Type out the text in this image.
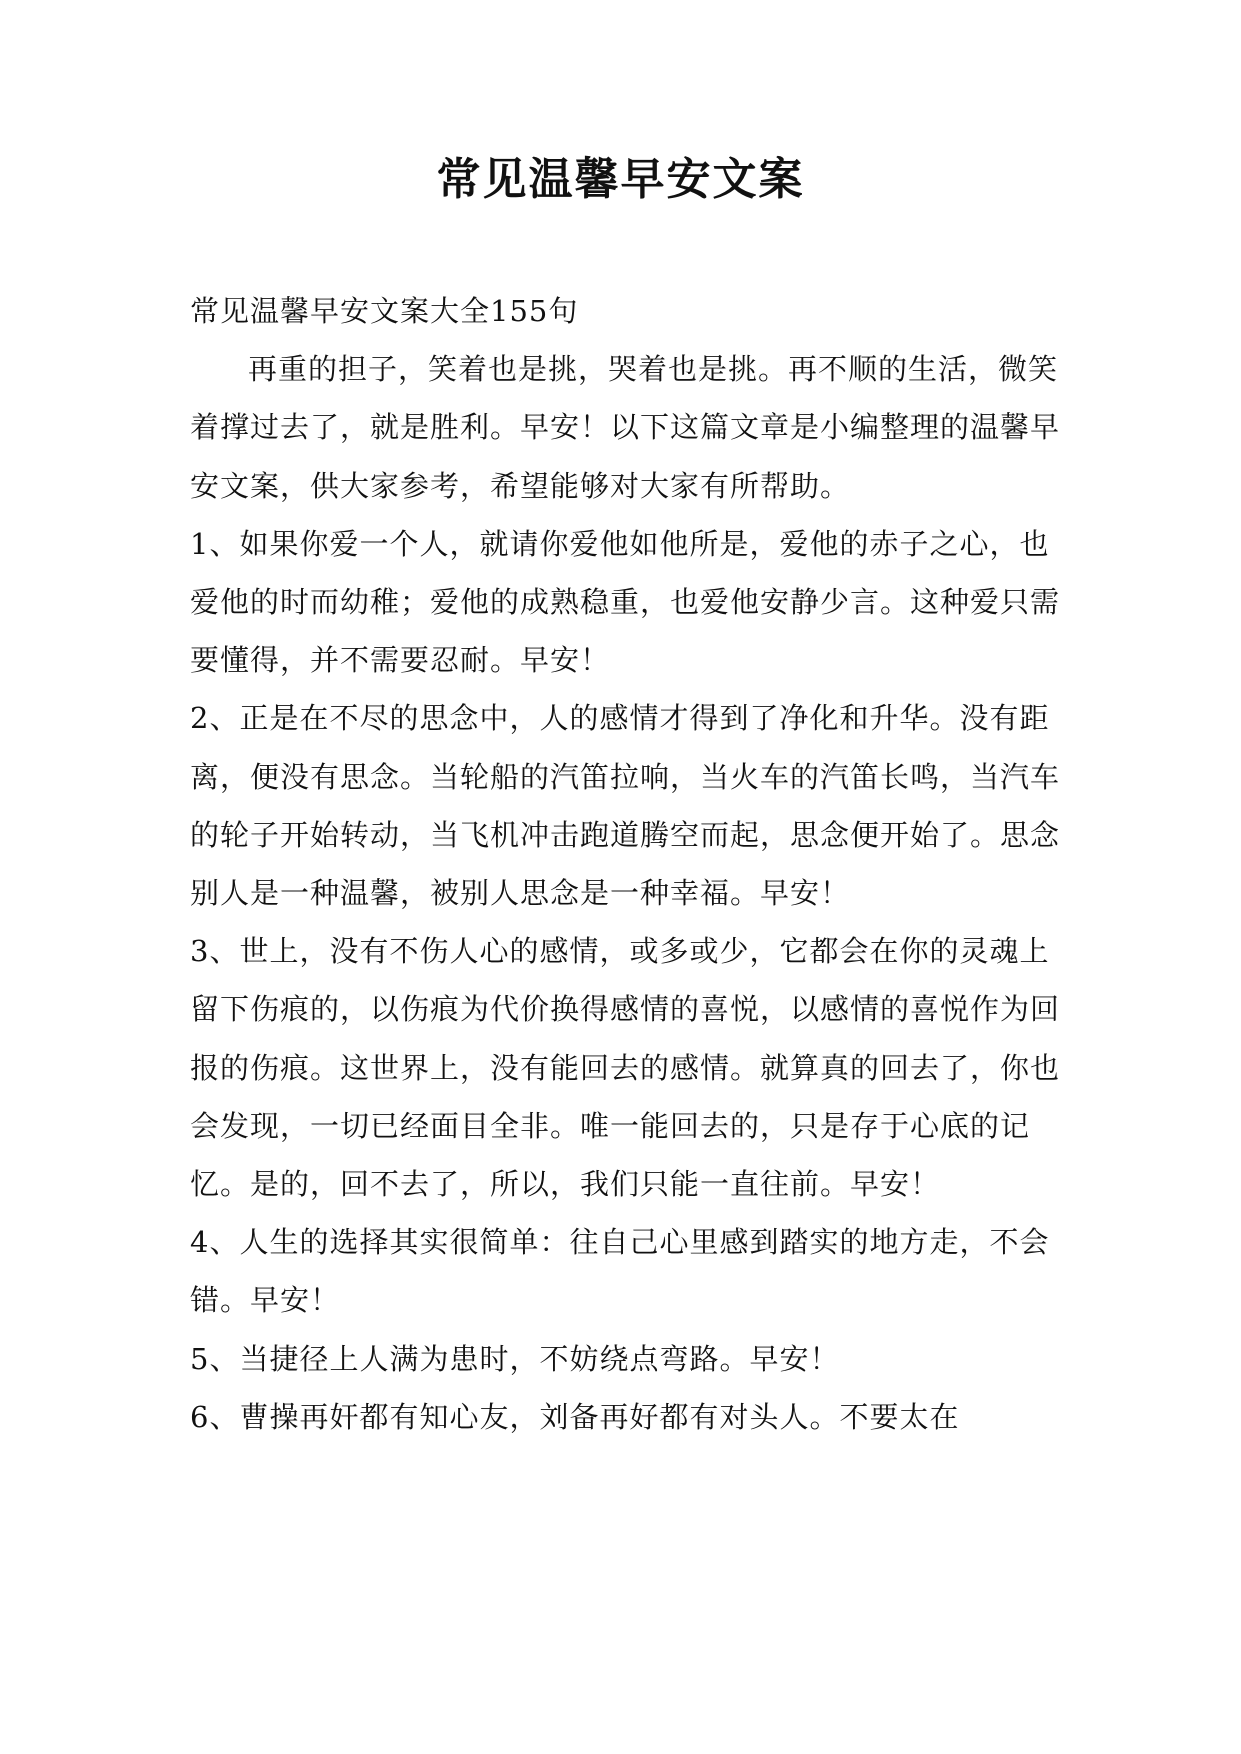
常见温馨早安文案

常见温馨早安文案大全155句

再重的担子，笑着也是挑，哭着也是挑。再不顺的生活，微笑着撑过去了，就是胜利。早安！以下这篇文章是小编整理的温馨早安文案，供大家参考，希望能够对大家有所帮助。

1、如果你爱一个人，就请你爱他如他所是，爱他的赤子之心，也爱他的时而幼稚；爱他的成熟稳重，也爱他安静少言。这种爱只需要懂得，并不需要忍耐。早安！
2、正是在不尽的思念中，人的感情才得到了净化和升华。没有距离，便没有思念。当轮船的汽笛拉响，当火车的汽笛长鸣，当汽车的轮子开始转动，当飞机冲击跑道腾空而起，思念便开始了。思念别人是一种温馨，被别人思念是一种幸福。早安！
3、世上，没有不伤人心的感情，或多或少，它都会在你的灵魂上留下伤痕的，以伤痕为代价换得感情的喜悦，以感情的喜悦作为回报的伤痕。这世界上，没有能回去的感情。就算真的回去了，你也会发现，一切已经面目全非。唯一能回去的，只是存于心底的记忆。是的，回不去了，所以，我们只能一直往前。早安！
4、人生的选择其实很简单：往自己心里感到踏实的地方走，不会错。早安！
5、当捷径上人满为患时，不妨绕点弯路。早安！
6、曹操再奸都有知心友，刘备再好都有对头人。不要太在
